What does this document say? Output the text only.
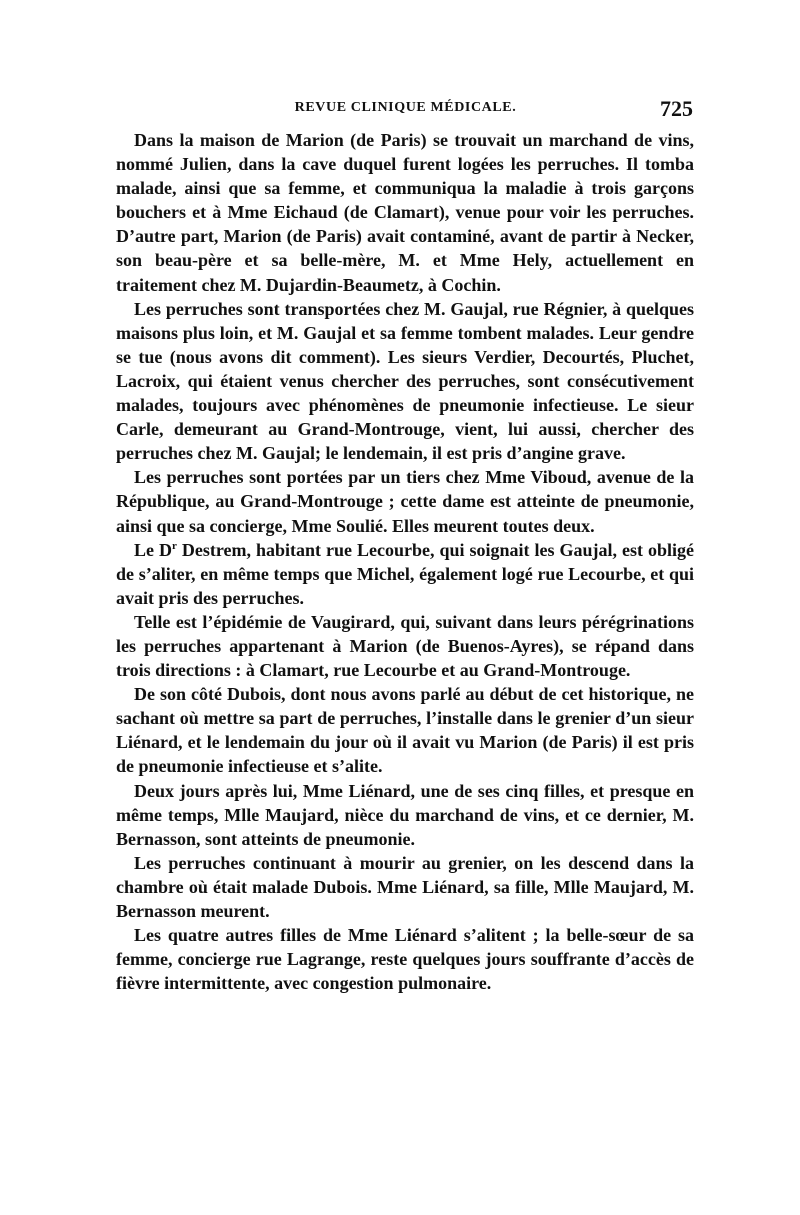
REVUE CLINIQUE MÉDICALE.	725

Dans la maison de Marion (de Paris) se trouvait un marchand de vins, nommé Julien, dans la cave duquel furent logées les perruches. Il tomba malade, ainsi que sa femme, et communiqua la maladie à trois garçons bouchers et à Mme Eichaud (de Clamart), venue pour voir les perruches. D’autre part, Marion (de Paris) avait contaminé, avant de partir à Necker, son beau-père et sa belle-mère, M. et Mme Hely, actuellement en traitement chez M. Dujardin-Beaumetz, à Cochin.

Les perruches sont transportées chez M. Gaujal, rue Régnier, à quelques maisons plus loin, et M. Gaujal et sa femme tombent malades. Leur gendre se tue (nous avons dit comment). Les sieurs Verdier, Decourtés, Pluchet, Lacroix, qui étaient venus chercher des perruches, sont consécutivement malades, toujours avec phénomènes de pneumonie infectieuse. Le sieur Carle, demeurant au Grand-Montrouge, vient, lui aussi, chercher des perruches chez M. Gaujal; le lendemain, il est pris d’angine grave.

Les perruches sont portées par un tiers chez Mme Viboud, avenue de la République, au Grand-Montrouge ; cette dame est atteinte de pneumonie, ainsi que sa concierge, Mme Soulié. Elles meurent toutes deux.

Le $D^r$ Destrem, habitant rue Lecourbe, qui soignait les Gaujal, est obligé de s’aliter, en même temps que Michel, également logé rue Lecourbe, et qui avait pris des perruches.

Telle est l’épidémie de Vaugirard, qui, suivant dans leurs pérégrinations les perruches appartenant à Marion (de Buenos-Ayres), se répand dans trois directions : à Clamart, rue Lecourbe et au Grand-Montrouge.

De son côté Dubois, dont nous avons parlé au début de cet historique, ne sachant où mettre sa part de perruches, l’installe dans le grenier d’un sieur Liénard, et le lendemain du jour où il avait vu Marion (de Paris) il est pris de pneumonie infectieuse et s’alite.

Deux jours après lui, Mme Liénard, une de ses cinq filles, et presque en même temps, Mlle Maujard, nièce du marchand de vins, et ce dernier, M. Bernasson, sont atteints de pneumonie.

Les perruches continuant à mourir au grenier, on les descend dans la chambre où était malade Dubois. Mme Liénard, sa fille, Mlle Maujard, M. Bernasson meurent.

Les quatre autres filles de Mme Liénard s’alitent ; la belle-sœur de sa femme, concierge rue Lagrange, reste quelques jours souffrante d’accès de fièvre intermittente, avec congestion pulmonaire.
